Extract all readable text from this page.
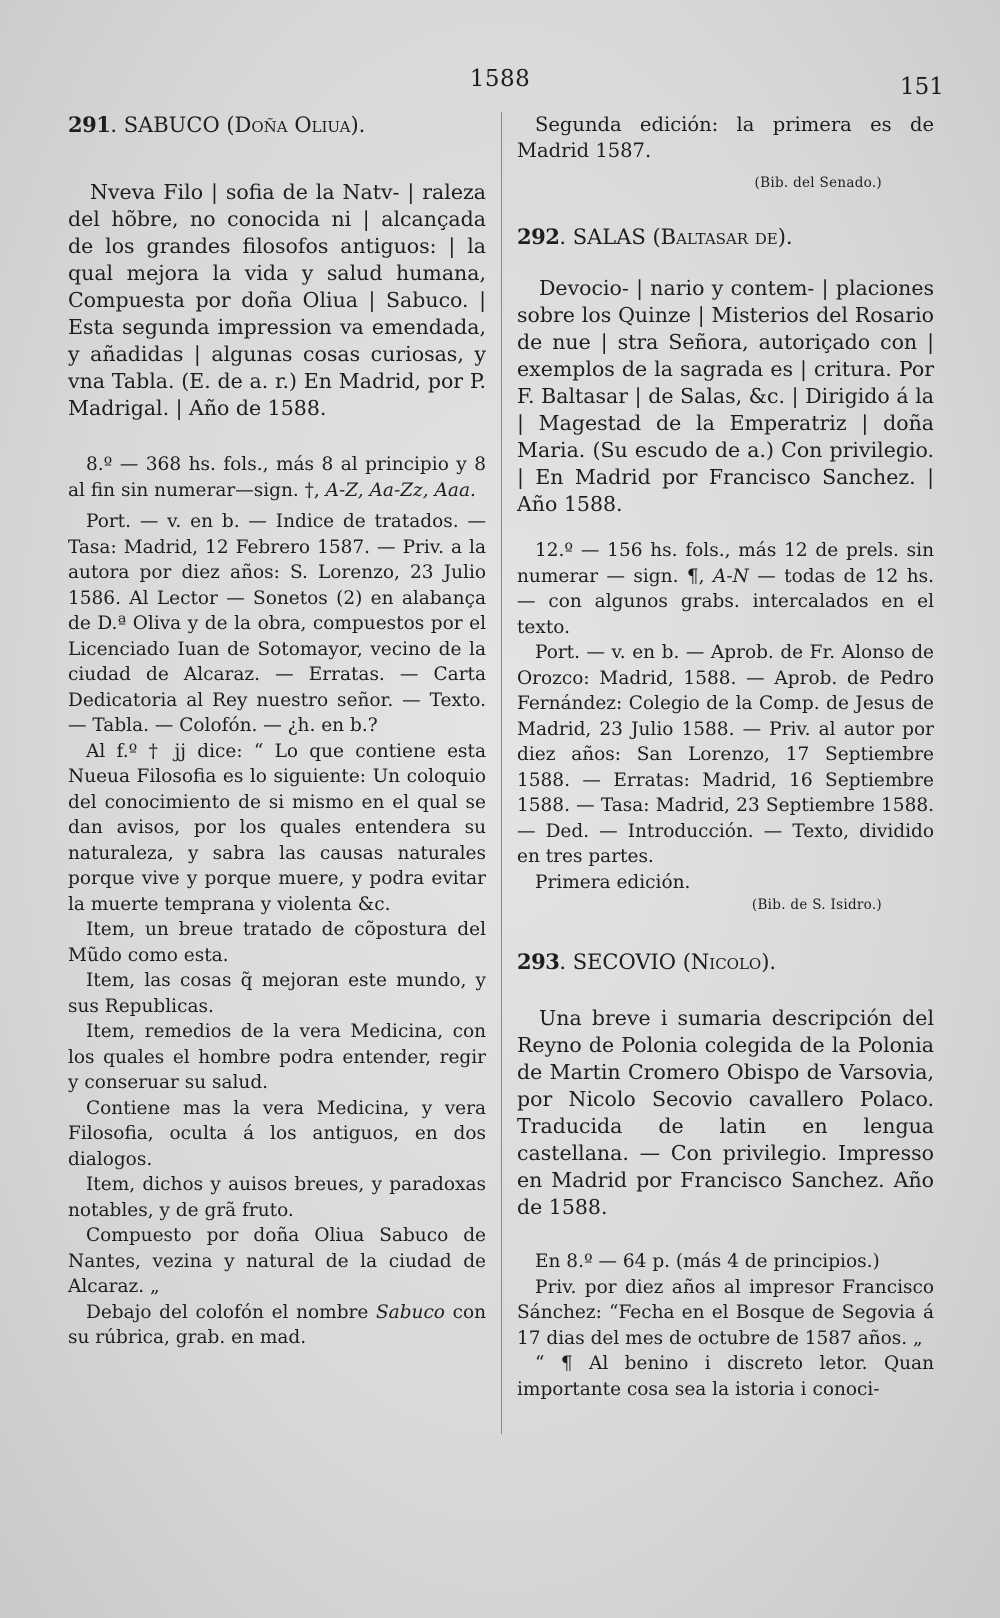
1588	151

291. SABUCO (Doña Oliua).

Nveva Filo | sofia de la Natv- | raleza del hõbre, no conocida ni | alcançada de los grandes filosofos antiguos: | la qual mejora la vida y salud humana, Compuesta por doña Oliua | Sabuco. | Esta segunda impression va emendada, y añadidas | algunas cosas curiosas, y vna Tabla. (E. de a. r.) En Madrid, por P. Madrigal. | Año de 1588.

8.º — 368 hs. fols., más 8 al principio y 8 al fin sin numerar—sign. †, A-Z, Aa-Zz, Aaa.

Port. — v. en b. — Indice de tratados. — Tasa: Madrid, 12 Febrero 1587. — Priv. a la autora por diez años: S. Lorenzo, 23 Julio 1586. Al Lector — Sonetos (2) en alabança de D.ª Oliva y de la obra, compuestos por el Licenciado Iuan de Sotomayor, vecino de la ciudad de Alcaraz. — Erratas. — Carta Dedicatoria al Rey nuestro señor. — Texto. — Tabla. — Colofón. — ¿h. en b.?

Al f.º † jj dice: “ Lo que contiene esta Nueua Filosofia es lo siguiente: Un coloquio del conocimiento de si mismo en el qual se dan avisos, por los quales entendera su naturaleza, y sabra las causas naturales porque vive y porque muere, y podra evitar la muerte temprana y violenta &c.

Item, un breue tratado de cõpostura del Mũdo como esta.

Item, las cosas q̃ mejoran este mundo, y sus Republicas.

Item, remedios de la vera Medicina, con los quales el hombre podra entender, regir y conseruar su salud.

Contiene mas la vera Medicina, y vera Filosofia, oculta á los antiguos, en dos dialogos.

Item, dichos y auisos breues, y paradoxas notables, y de grã fruto.

Compuesto por doña Oliua Sabuco de Nantes, vezina y natural de la ciudad de Alcaraz. „

Debajo del colofón el nombre Sabuco con su rúbrica, grab. en mad.

Segunda edición: la primera es de Madrid 1587.

(Bib. del Senado.)

292. SALAS (Baltasar de).

Devocio- | nario y contem- | placiones sobre los Quinze | Misterios del Rosario de nue | stra Señora, autoriçado con | exemplos de la sagrada es | critura. Por F. Baltasar | de Salas, &c. | Dirigido á la | Magestad de la Emperatriz | doña Maria. (Su escudo de a.) Con privilegio. | En Madrid por Francisco Sanchez. | Año 1588.

12.º — 156 hs. fols., más 12 de prels. sin numerar — sign. ¶, A-N — todas de 12 hs. — con algunos grabs. intercalados en el texto.

Port. — v. en b. — Aprob. de Fr. Alonso de Orozco: Madrid, 1588. — Aprob. de Pedro Fernández: Colegio de la Comp. de Jesus de Madrid, 23 Julio 1588. — Priv. al autor por diez años: San Lorenzo, 17 Septiembre 1588. — Erratas: Madrid, 16 Septiembre 1588. — Tasa: Madrid, 23 Septiembre 1588. — Ded. — Introducción. — Texto, dividido en tres partes.

Primera edición.

(Bib. de S. Isidro.)

293. SECOVIO (Nicolo).

Una breve i sumaria descripción del Reyno de Polonia colegida de la Polonia de Martin Cromero Obispo de Varsovia, por Nicolo Secovio cavallero Polaco. Traducida de latin en lengua castellana. — Con privilegio. Impresso en Madrid por Francisco Sanchez. Año de 1588.

En 8.º — 64 p. (más 4 de principios.)

Priv. por diez años al impresor Francisco Sánchez: “Fecha en el Bosque de Segovia á 17 dias del mes de octubre de 1587 años. „

“ ¶ Al benino i discreto letor. Quan importante cosa sea la istoria i conoci-
